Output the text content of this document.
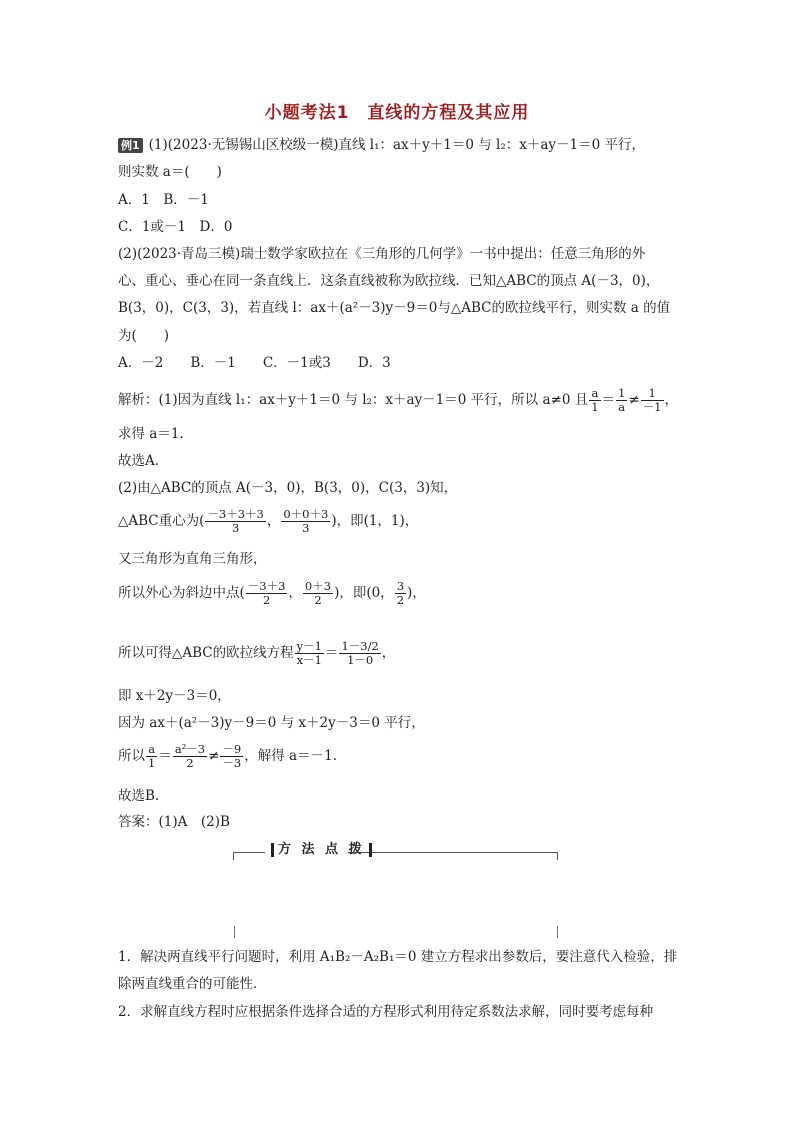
小题考法1　直线的方程及其应用
例1 (1)(2023·无锡锡山区校级一模)直线 l₁：ax＋y＋1＝0 与 l₂：x＋ay－1＝0 平行，
则实数 a＝(　　)
A．1　B．－1
C．1或－1　D．0
(2)(2023·青岛三模)瑞士数学家欧拉在《三角形的几何学》一书中提出：任意三角形的外
心、重心、垂心在同一条直线上．这条直线被称为欧拉线．已知△ABC的顶点 A(－3，0)，
B(3，0)，C(3，3)，若直线 l：ax＋(a²－3)y－9＝0与△ABC的欧拉线平行，则实数 a 的值
为(　　)
A．－2　　B．－1　　C．－1或3　　D．3
解析：(1)因为直线 l₁：ax＋y＋1＝0 与 l₂：x＋ay－1＝0 平行，所以 a≠0 且 $\frac{a}{1} = \frac{1}{a} \ne \frac{1}{-1}$ ，
求得 a＝1.
故选A.
(2)由△ABC的顶点 A(－3，0)，B(3，0)，C(3，3)知，
△ABC重心为( $\frac{-3+3+3}{3}$ ， $\frac{0+0+3}{3}$ )，即(1，1)，
又三角形为直角三角形，
所以外心为斜边中点( $\frac{-3+3}{2}$ ， $\frac{0+3}{2}$ )，即(0， $\frac{3}{2}$ )，
所以可得△ABC的欧拉线方程 $\frac{y-1}{x-1} = \frac{1-3/2}{1-0}$ ，
即 x＋2y－3＝0，
因为 ax＋(a²－3)y－9＝0 与 x＋2y－3＝0 平行，
所以 $\frac{a}{1} = \frac{\text{a²－3}}{2} \ne \frac{-9}{-3}$ ，解得 a＝－1.
故选B.
答案：(1)A　(2)B
方 法 点 拨
1．解决两直线平行问题时，利用 A₁B₂－A₂B₁＝0 建立方程求出参数后，要注意代入检验，排
除两直线重合的可能性．
2．求解直线方程时应根据条件选择合适的方程形式利用待定系数法求解，同时要考虑每种
